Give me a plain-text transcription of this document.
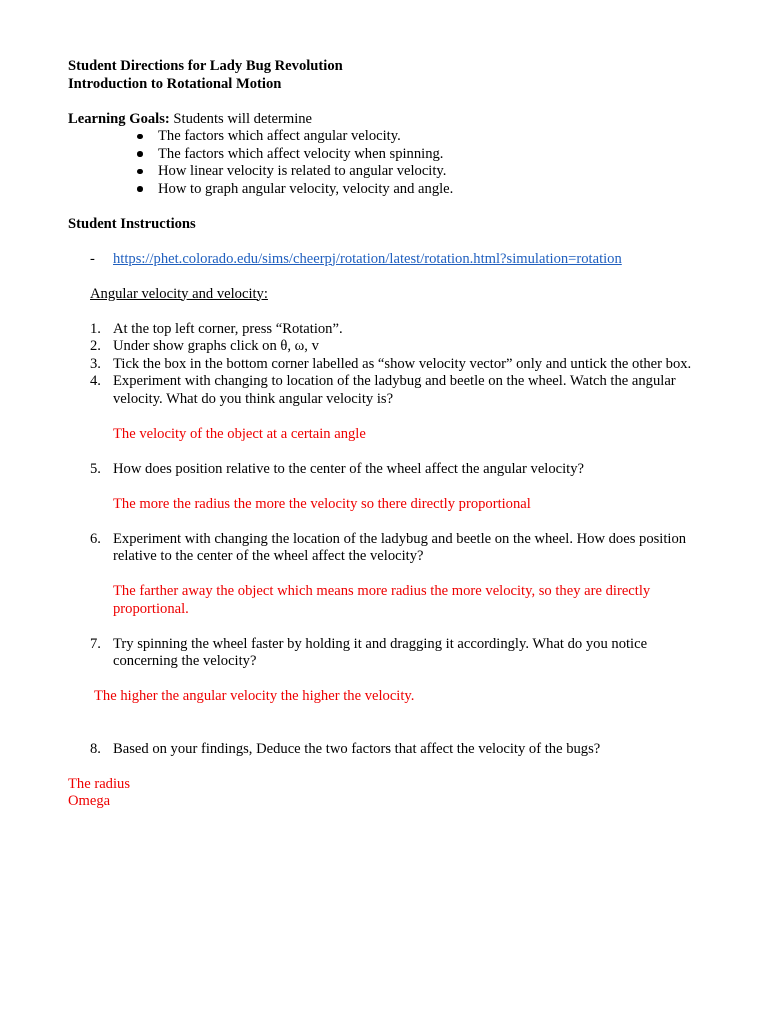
Student Directions for Lady Bug Revolution
Introduction to Rotational Motion
Learning Goals: Students will determine
The factors which affect angular velocity.
The factors which affect velocity when spinning.
How linear velocity is related to angular velocity.
How to graph angular velocity, velocity and angle.
Student Instructions
- https://phet.colorado.edu/sims/cheerpj/rotation/latest/rotation.html?simulation=rotation
Angular velocity and velocity:
1. At the top left corner, press “Rotation”.
2. Under show graphs click on θ, ω, v
3. Tick the box in the bottom corner labelled as “show velocity vector” only and untick the other box.
4. Experiment with changing to location of the ladybug and beetle on the wheel. Watch the angular velocity. What do you think angular velocity is?
The velocity of the object at a certain angle
5. How does position relative to the center of the wheel affect the angular velocity?
The more the radius the more the velocity so there directly proportional
6. Experiment with changing the location of the ladybug and beetle on the wheel. How does position relative to the center of the wheel affect the velocity?
The farther away the object which means more radius the more velocity, so they are directly proportional.
7. Try spinning the wheel faster by holding it and dragging it accordingly. What do you notice concerning the velocity?
The higher the angular velocity the higher the velocity.
8. Based on your findings, Deduce the two factors that affect the velocity of the bugs?
The radius
Omega
